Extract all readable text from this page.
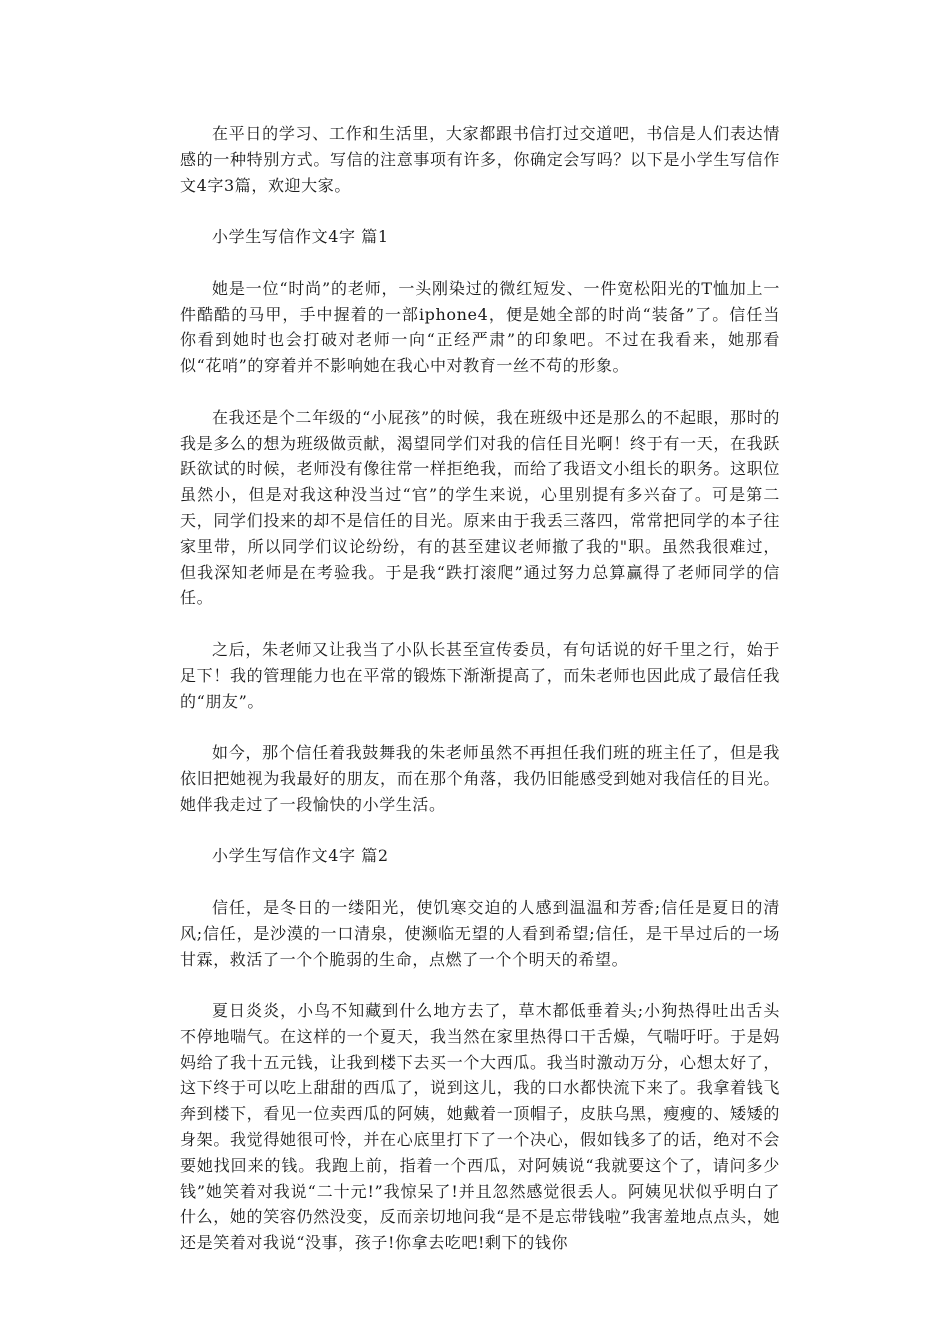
在平日的学习、工作和生活里，大家都跟书信打过交道吧，书信是人们表达情感的一种特别方式。写信的注意事项有许多，你确定会写吗？以下是小学生写信作文4字3篇，欢迎大家。

小学生写信作文4字 篇1

她是一位“时尚”的老师，一头刚染过的微红短发、一件宽松阳光的T恤加上一件酷酷的马甲，手中握着的一部iphone4，便是她全部的时尚“装备”了。信任当你看到她时也会打破对老师一向“正经严肃”的印象吧。不过在我看来，她那看似“花哨”的穿着并不影响她在我心中对教育一丝不苟的形象。

在我还是个二年级的“小屁孩”的时候，我在班级中还是那么的不起眼，那时的我是多么的想为班级做贡献，渴望同学们对我的信任目光啊！终于有一天，在我跃跃欲试的时候，老师没有像往常一样拒绝我，而给了我语文小组长的职务。这职位虽然小，但是对我这种没当过“官”的学生来说，心里别提有多兴奋了。可是第二天，同学们投来的却不是信任的目光。原来由于我丢三落四，常常把同学的本子往家里带，所以同学们议论纷纷，有的甚至建议老师撤了我的"职。虽然我很难过，但我深知老师是在考验我。于是我“跌打滚爬”通过努力总算赢得了老师同学的信任。

之后，朱老师又让我当了小队长甚至宣传委员，有句话说的好千里之行，始于足下！我的管理能力也在平常的锻炼下渐渐提高了，而朱老师也因此成了最信任我的“朋友”。

如今，那个信任着我鼓舞我的朱老师虽然不再担任我们班的班主任了，但是我依旧把她视为我最好的朋友，而在那个角落，我仍旧能感受到她对我信任的目光。她伴我走过了一段愉快的小学生活。

小学生写信作文4字 篇2

信任，是冬日的一缕阳光，使饥寒交迫的人感到温温和芳香;信任是夏日的清风;信任，是沙漠的一口清泉，使濒临无望的人看到希望;信任，是干旱过后的一场甘霖，救活了一个个脆弱的生命，点燃了一个个明天的希望。

夏日炎炎，小鸟不知藏到什么地方去了，草木都低垂着头;小狗热得吐出舌头不停地喘气。在这样的一个夏天，我当然在家里热得口干舌燥，气喘吁吁。于是妈妈给了我十五元钱，让我到楼下去买一个大西瓜。我当时激动万分，心想太好了，这下终于可以吃上甜甜的西瓜了，说到这儿，我的口水都快流下来了。我拿着钱飞奔到楼下，看见一位卖西瓜的阿姨，她戴着一顶帽子，皮肤乌黑，瘦瘦的、矮矮的身架。我觉得她很可怜，并在心底里打下了一个决心，假如钱多了的话，绝对不会要她找回来的钱。我跑上前，指着一个西瓜，对阿姨说“我就要这个了，请问多少钱”她笑着对我说“二十元!”我惊呆了!并且忽然感觉很丢人。阿姨见状似乎明白了什么，她的笑容仍然没变，反而亲切地问我“是不是忘带钱啦”我害羞地点点头，她还是笑着对我说“没事，孩子!你拿去吃吧!剩下的钱你
